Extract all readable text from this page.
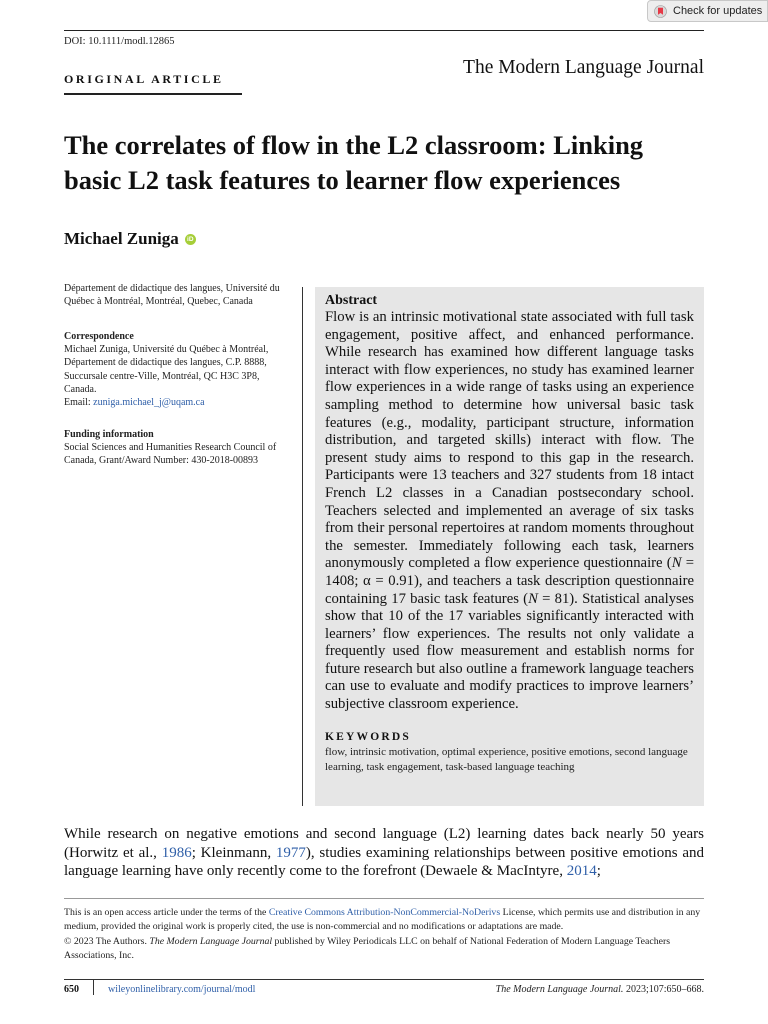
Check for updates
DOI: 10.1111/modl.12865
The Modern Language Journal
ORIGINAL ARTICLE
The correlates of flow in the L2 classroom: Linking basic L2 task features to learner flow experiences
Michael Zuniga	iD
Département de didactique des langues, Université du Québec à Montréal, Montréal, Quebec, Canada
Correspondence
Michael Zuniga, Université du Québec à Montréal, Département de didactique des langues, C.P. 8888, Succursale centre-Ville, Montréal, QC H3C 3P8, Canada.
Email: zuniga.michael_j@uqam.ca
Funding information
Social Sciences and Humanities Research Council of Canada, Grant/Award Number: 430-2018-00893
Abstract
Flow is an intrinsic motivational state associated with full task engagement, positive affect, and enhanced performance. While research has examined how different language tasks interact with flow experiences, no study has examined learner flow experiences in a wide range of tasks using an experience sampling method to determine how universal basic task features (e.g., modality, participant structure, information distribution, and targeted skills) interact with flow. The present study aims to respond to this gap in the research. Participants were 13 teachers and 327 students from 18 intact French L2 classes in a Canadian postsecondary school. Teachers selected and implemented an average of six tasks from their personal repertoires at random moments throughout the semester. Immediately following each task, learners anonymously completed a flow experience questionnaire (N = 1408; α = 0.91), and teachers a task description questionnaire containing 17 basic task features (N = 81). Statistical analyses show that 10 of the 17 variables significantly interacted with learners’ flow experiences. The results not only validate a frequently used flow measurement and establish norms for future research but also outline a framework language teachers can use to evaluate and modify practices to improve learners’ subjective classroom experience.
KEYWORDS
flow, intrinsic motivation, optimal experience, positive emotions, second language learning, task engagement, task-based language teaching
While research on negative emotions and second language (L2) learning dates back nearly 50 years (Horwitz et al., 1986; Kleinmann, 1977), studies examining relationships between positive emotions and language learning have only recently come to the forefront (Dewaele & MacIntyre, 2014;
This is an open access article under the terms of the Creative Commons Attribution-NonCommercial-NoDerivs License, which permits use and distribution in any medium, provided the original work is properly cited, the use is non-commercial and no modifications or adaptations are made.
© 2023 The Authors. The Modern Language Journal published by Wiley Periodicals LLC on behalf of National Federation of Modern Language Teachers Associations, Inc.
650	wileyonlinelibrary.com/journal/modl	The Modern Language Journal. 2023;107:650–668.
